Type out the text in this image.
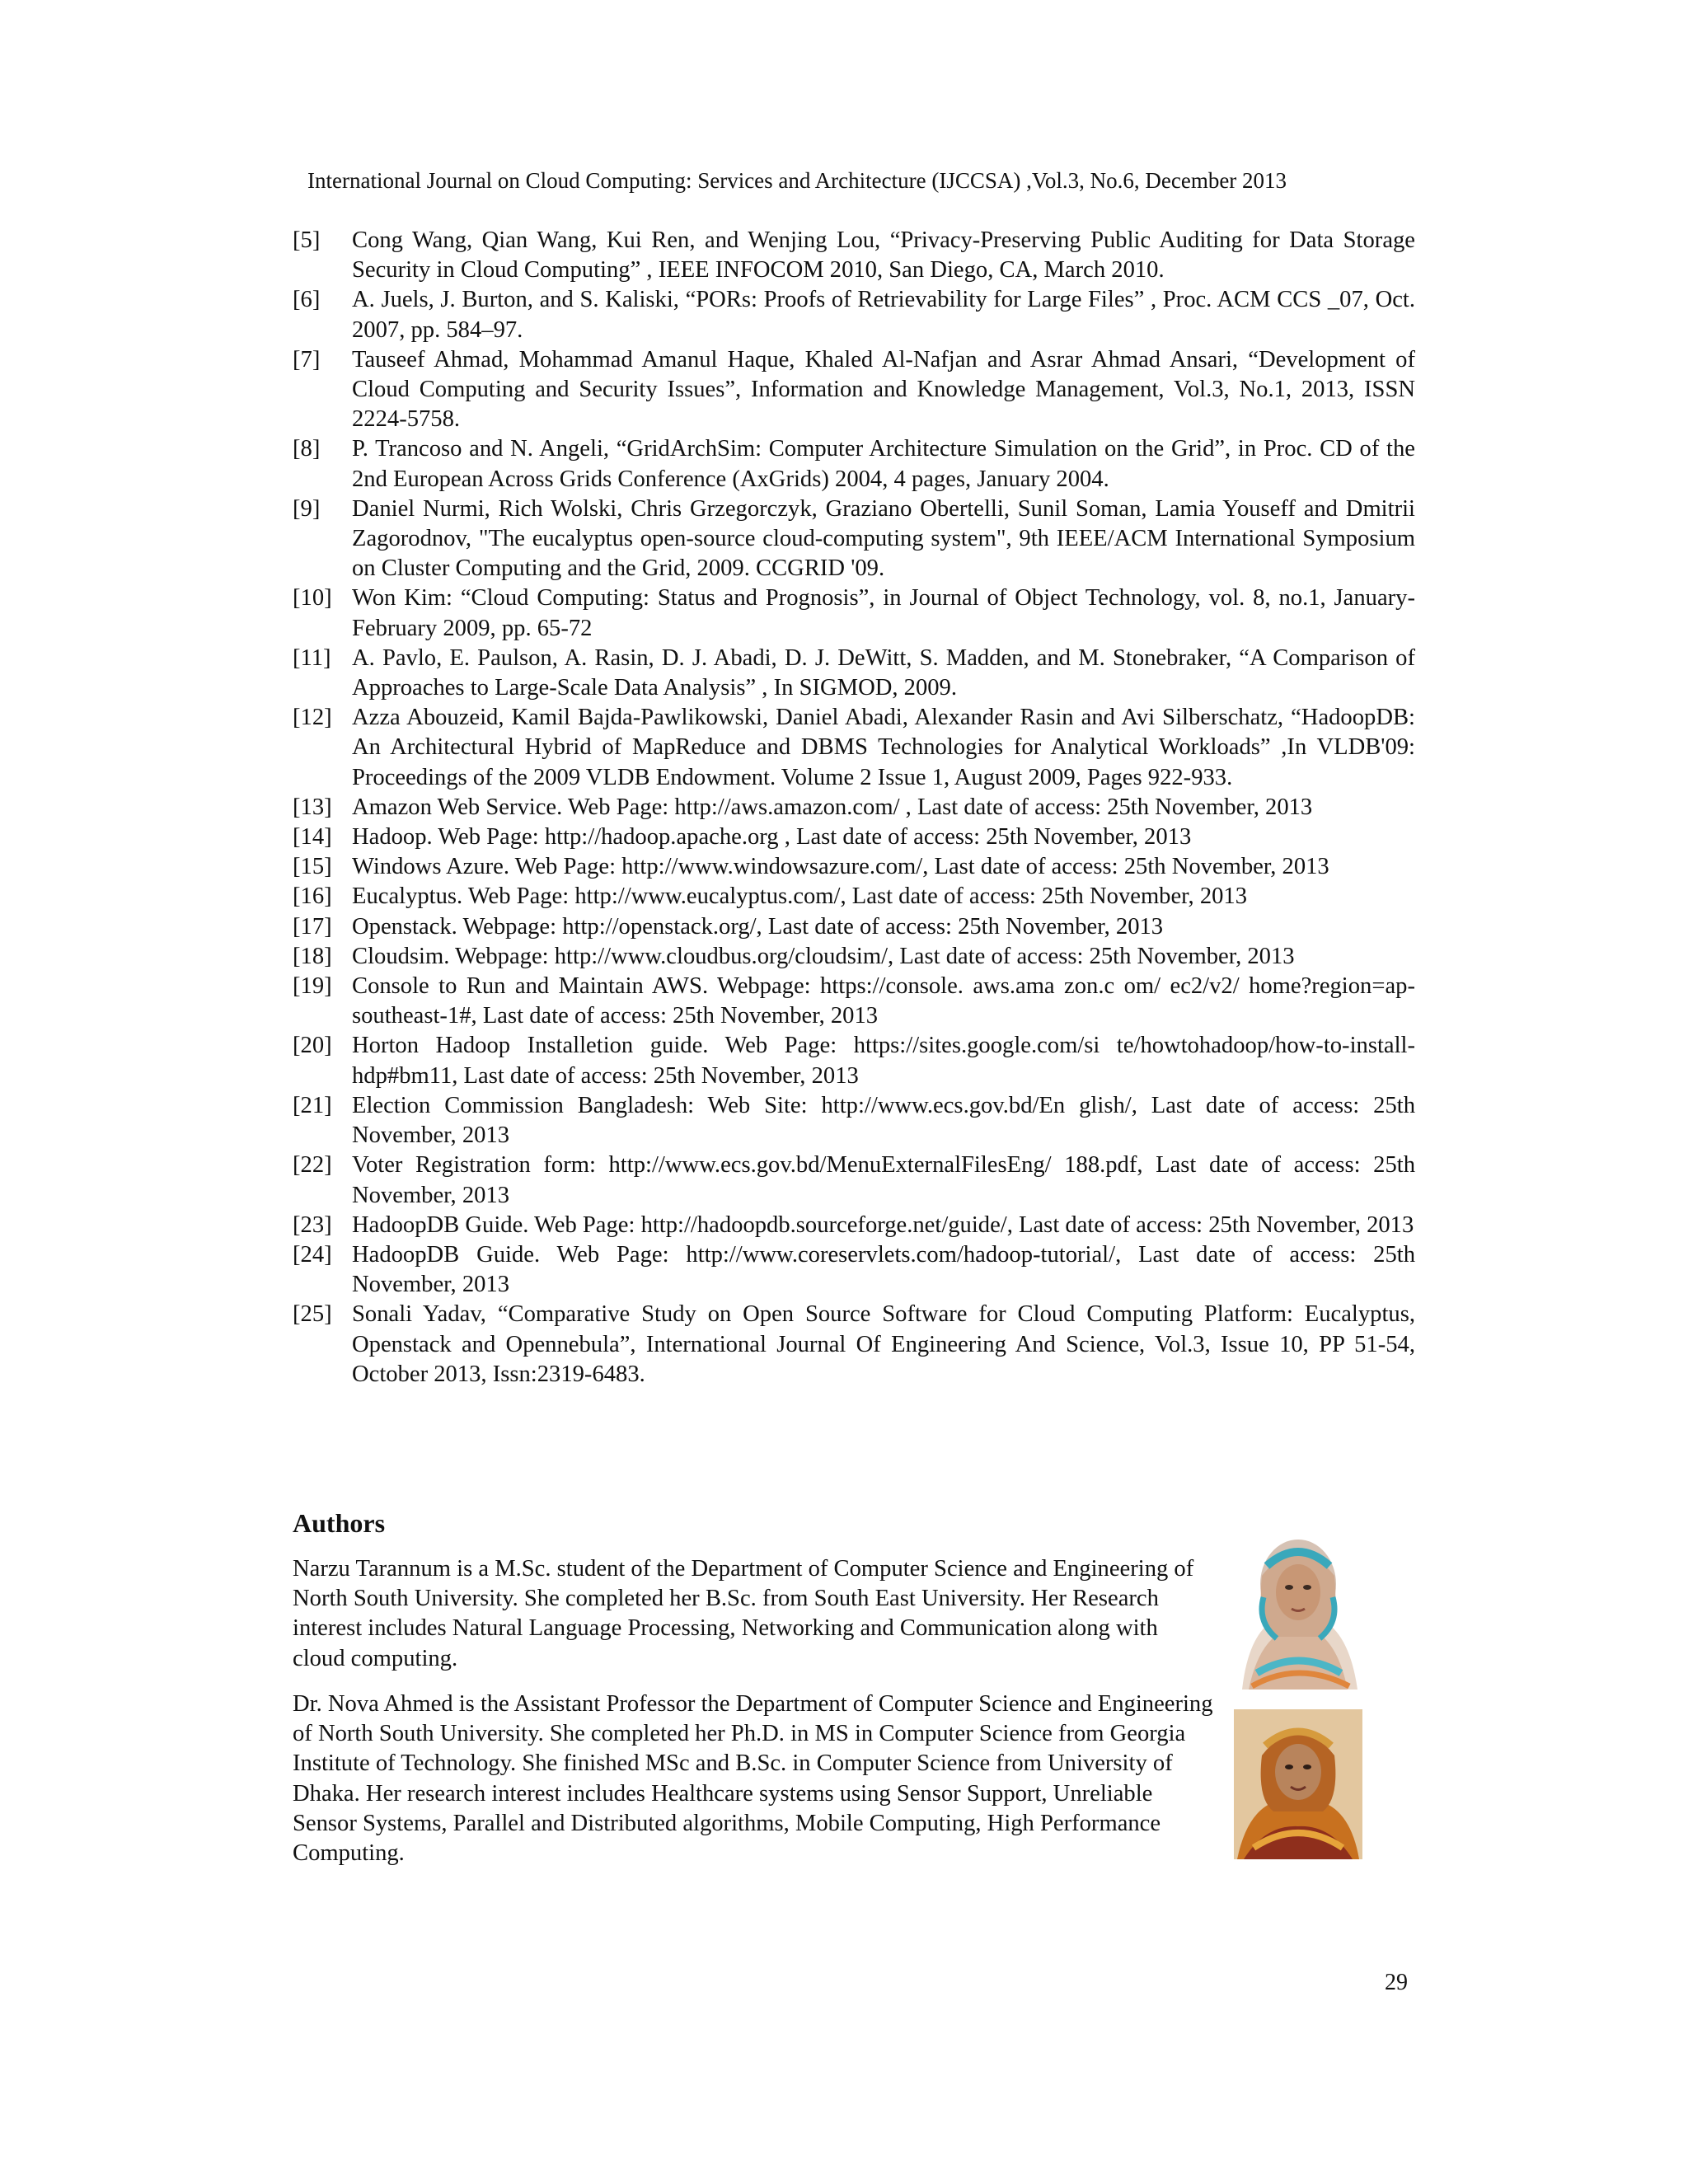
International Journal on Cloud Computing: Services and Architecture (IJCCSA) ,Vol.3, No.6, December 2013
[5]	Cong Wang, Qian Wang, Kui Ren, and Wenjing Lou, “Privacy-Preserving Public Auditing for Data Storage Security in Cloud Computing” , IEEE INFOCOM 2010, San Diego, CA, March 2010.
[6]	A. Juels, J. Burton, and S. Kaliski, “PORs: Proofs of Retrievability for Large Files” , Proc. ACM CCS _07, Oct. 2007, pp. 584–97.
[7]	Tauseef Ahmad, Mohammad Amanul Haque, Khaled Al-Nafjan and Asrar Ahmad Ansari, “Development of Cloud Computing and Security Issues”, Information and Knowledge Management, Vol.3, No.1, 2013, ISSN 2224-5758.
[8]	P. Trancoso and N. Angeli, “GridArchSim: Computer Architecture Simulation on the Grid”, in Proc. CD of the 2nd European Across Grids Conference (AxGrids) 2004, 4 pages, January 2004.
[9]	Daniel Nurmi, Rich Wolski, Chris Grzegorczyk, Graziano Obertelli, Sunil Soman, Lamia Youseff and Dmitrii Zagorodnov, "The eucalyptus open-source cloud-computing system", 9th IEEE/ACM International Symposium on Cluster Computing and the Grid, 2009. CCGRID '09.
[10] Won Kim: “Cloud Computing: Status and Prognosis”, in Journal of Object Technology, vol. 8, no.1, January-February 2009, pp. 65-72
[11] A. Pavlo, E. Paulson, A. Rasin, D. J. Abadi, D. J. DeWitt, S. Madden, and M. Stonebraker, “A Comparison of Approaches to Large-Scale Data Analysis” , In SIGMOD, 2009.
[12] Azza Abouzeid, Kamil Bajda-Pawlikowski, Daniel Abadi, Alexander Rasin and Avi Silberschatz, “HadoopDB: An Architectural Hybrid of MapReduce and DBMS Technologies for Analytical Workloads” ,In VLDB'09: Proceedings of the 2009 VLDB Endowment. Volume 2 Issue 1, August 2009, Pages 922-933.
[13] Amazon Web Service. Web Page: http://aws.amazon.com/ , Last date of access: 25th November, 2013
[14] Hadoop. Web Page: http://hadoop.apache.org , Last date of access: 25th November, 2013
[15] Windows Azure. Web Page: http://www.windowsazure.com/, Last date of access: 25th November, 2013
[16] Eucalyptus. Web Page: http://www.eucalyptus.com/, Last date of access: 25th November, 2013
[17] Openstack. Webpage: http://openstack.org/, Last date of access: 25th November, 2013
[18] Cloudsim. Webpage: http://www.cloudbus.org/cloudsim/, Last date of access: 25th November, 2013
[19] Console to Run and Maintain AWS. Webpage: https://console. aws.ama zon.c om/ ec2/v2/ home?region=ap-southeast-1#, Last date of access: 25th November, 2013
[20] Horton Hadoop Installetion guide. Web Page: https://sites.google.com/si te/howtohadoop/how-to-install-hdp#bm11, Last date of access: 25th November, 2013
[21] Election Commission Bangladesh: Web Site: http://www.ecs.gov.bd/En glish/, Last date of access: 25th November, 2013
[22] Voter Registration form: http://www.ecs.gov.bd/MenuExternalFilesEng/ 188.pdf, Last date of access: 25th November, 2013
[23] HadoopDB Guide. Web Page: http://hadoopdb.sourceforge.net/guide/, Last date of access: 25th November, 2013
[24] HadoopDB Guide. Web Page: http://www.coreservlets.com/hadoop-tutorial/, Last date of access: 25th November, 2013
[25] Sonali Yadav, “Comparative Study on Open Source Software for Cloud Computing Platform: Eucalyptus, Openstack and Opennebula”, International Journal Of Engineering And Science, Vol.3, Issue 10, PP 51-54, October 2013, Issn:2319-6483.
Authors

Narzu Tarannum is a M.Sc. student of the Department of Computer Science and Engineering of North South University. She completed her B.Sc. from South East University. Her Research interest includes Natural Language Processing, Networking and Communication along with cloud computing.

Dr. Nova Ahmed is the Assistant Professor the Department of Computer Science and Engineering of North South University. She completed her Ph.D. in MS in Computer Science from Georgia Institute of Technology. She finished MSc and B.Sc. in Computer Science from University of Dhaka. Her research interest includes Healthcare systems using Sensor Support, Unreliable Sensor Systems, Parallel and Distributed algorithms, Mobile Computing, High Performance Computing.

29
